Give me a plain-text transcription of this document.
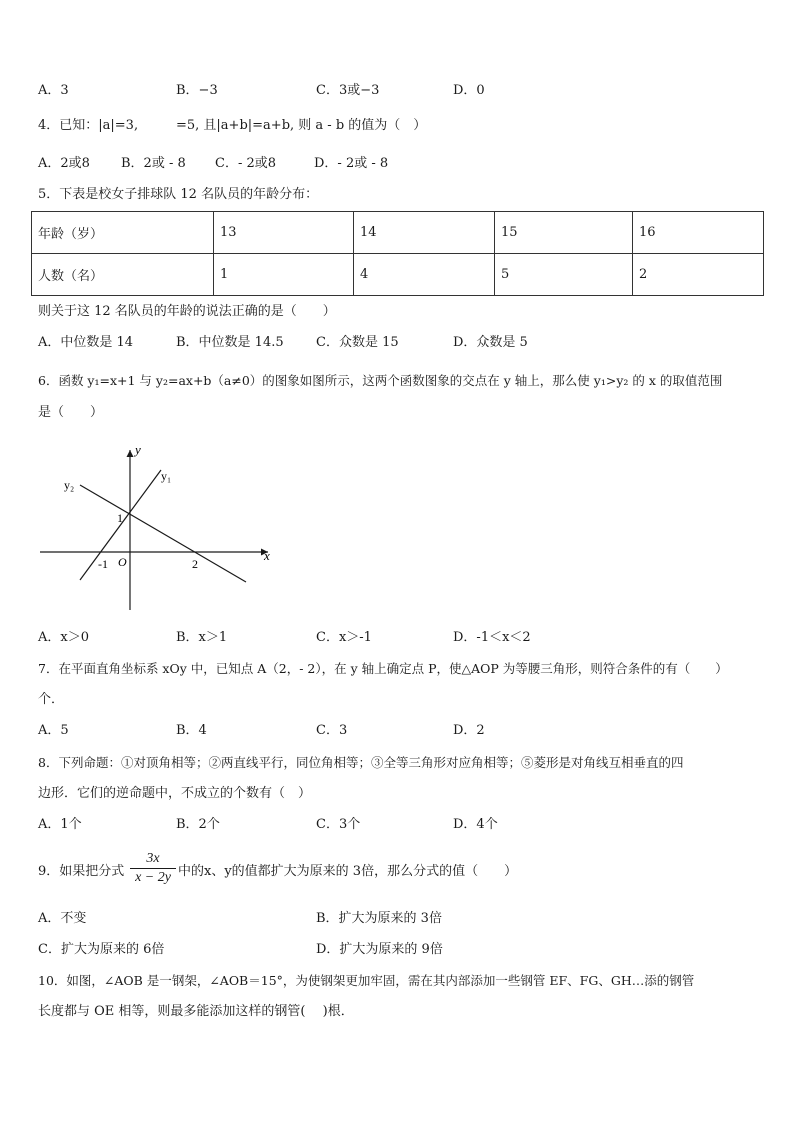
A．3	B．−3	C．3或−3	D．0
4．已知：|a|=3,	=5, 且|a+b|=a+b, 则 a - b 的值为（　）
A．2或8 B．2或 - 8 C．- 2或8	D．- 2或 - 8
5．下表是校女子排球队 12 名队员的年龄分布：
年龄（岁）	13	14	15	16
人数（名）	1	4	5	2
则关于这 12 名队员的年龄的说法正确的是（　　）
A．中位数是 14	B．中位数是 14.5 C．众数是 15	D．众数是 5
6．函数 y₁=x+1 与 y₂=ax+b（a≠0）的图象如图所示，这两个函数图象的交点在 y 轴上，那么使 y₁>y₂ 的 x 的取值范围
是（　　）
y
x
y₁
y₂
O
-1
1
2
A．x＞0	B．x＞1	C．x＞-1	D．-1＜x＜2
7．在平面直角坐标系 xOy 中，已知点 A（2，- 2），在 y 轴上确定点 P，使△AOP 为等腰三角形，则符合条件的有（　　）
个．
A．5	B．4	C．3	D．2
8．下列命题：①对顶角相等；②两直线平行，同位角相等；③全等三角形对应角相等；⑤菱形是对角线互相垂直的四
边形．它们的逆命题中，不成立的个数有（　）
A．1个	B．2个	C．3个	D．4个
9．如果把分式
3x
x − 2y 中的x、y的值都扩大为原来的 3倍，那么分式的值（　　）
A．不变	B．扩大为原来的 3倍
C．扩大为原来的 6倍	D．扩大为原来的 9倍
10．如图，∠AOB 是一钢架，∠AOB＝15°，为使钢架更加牢固，需在其内部添加一些钢管 EF、FG、GH…添的钢管
长度都与 OE 相等，则最多能添加这样的钢管(　 )根．
